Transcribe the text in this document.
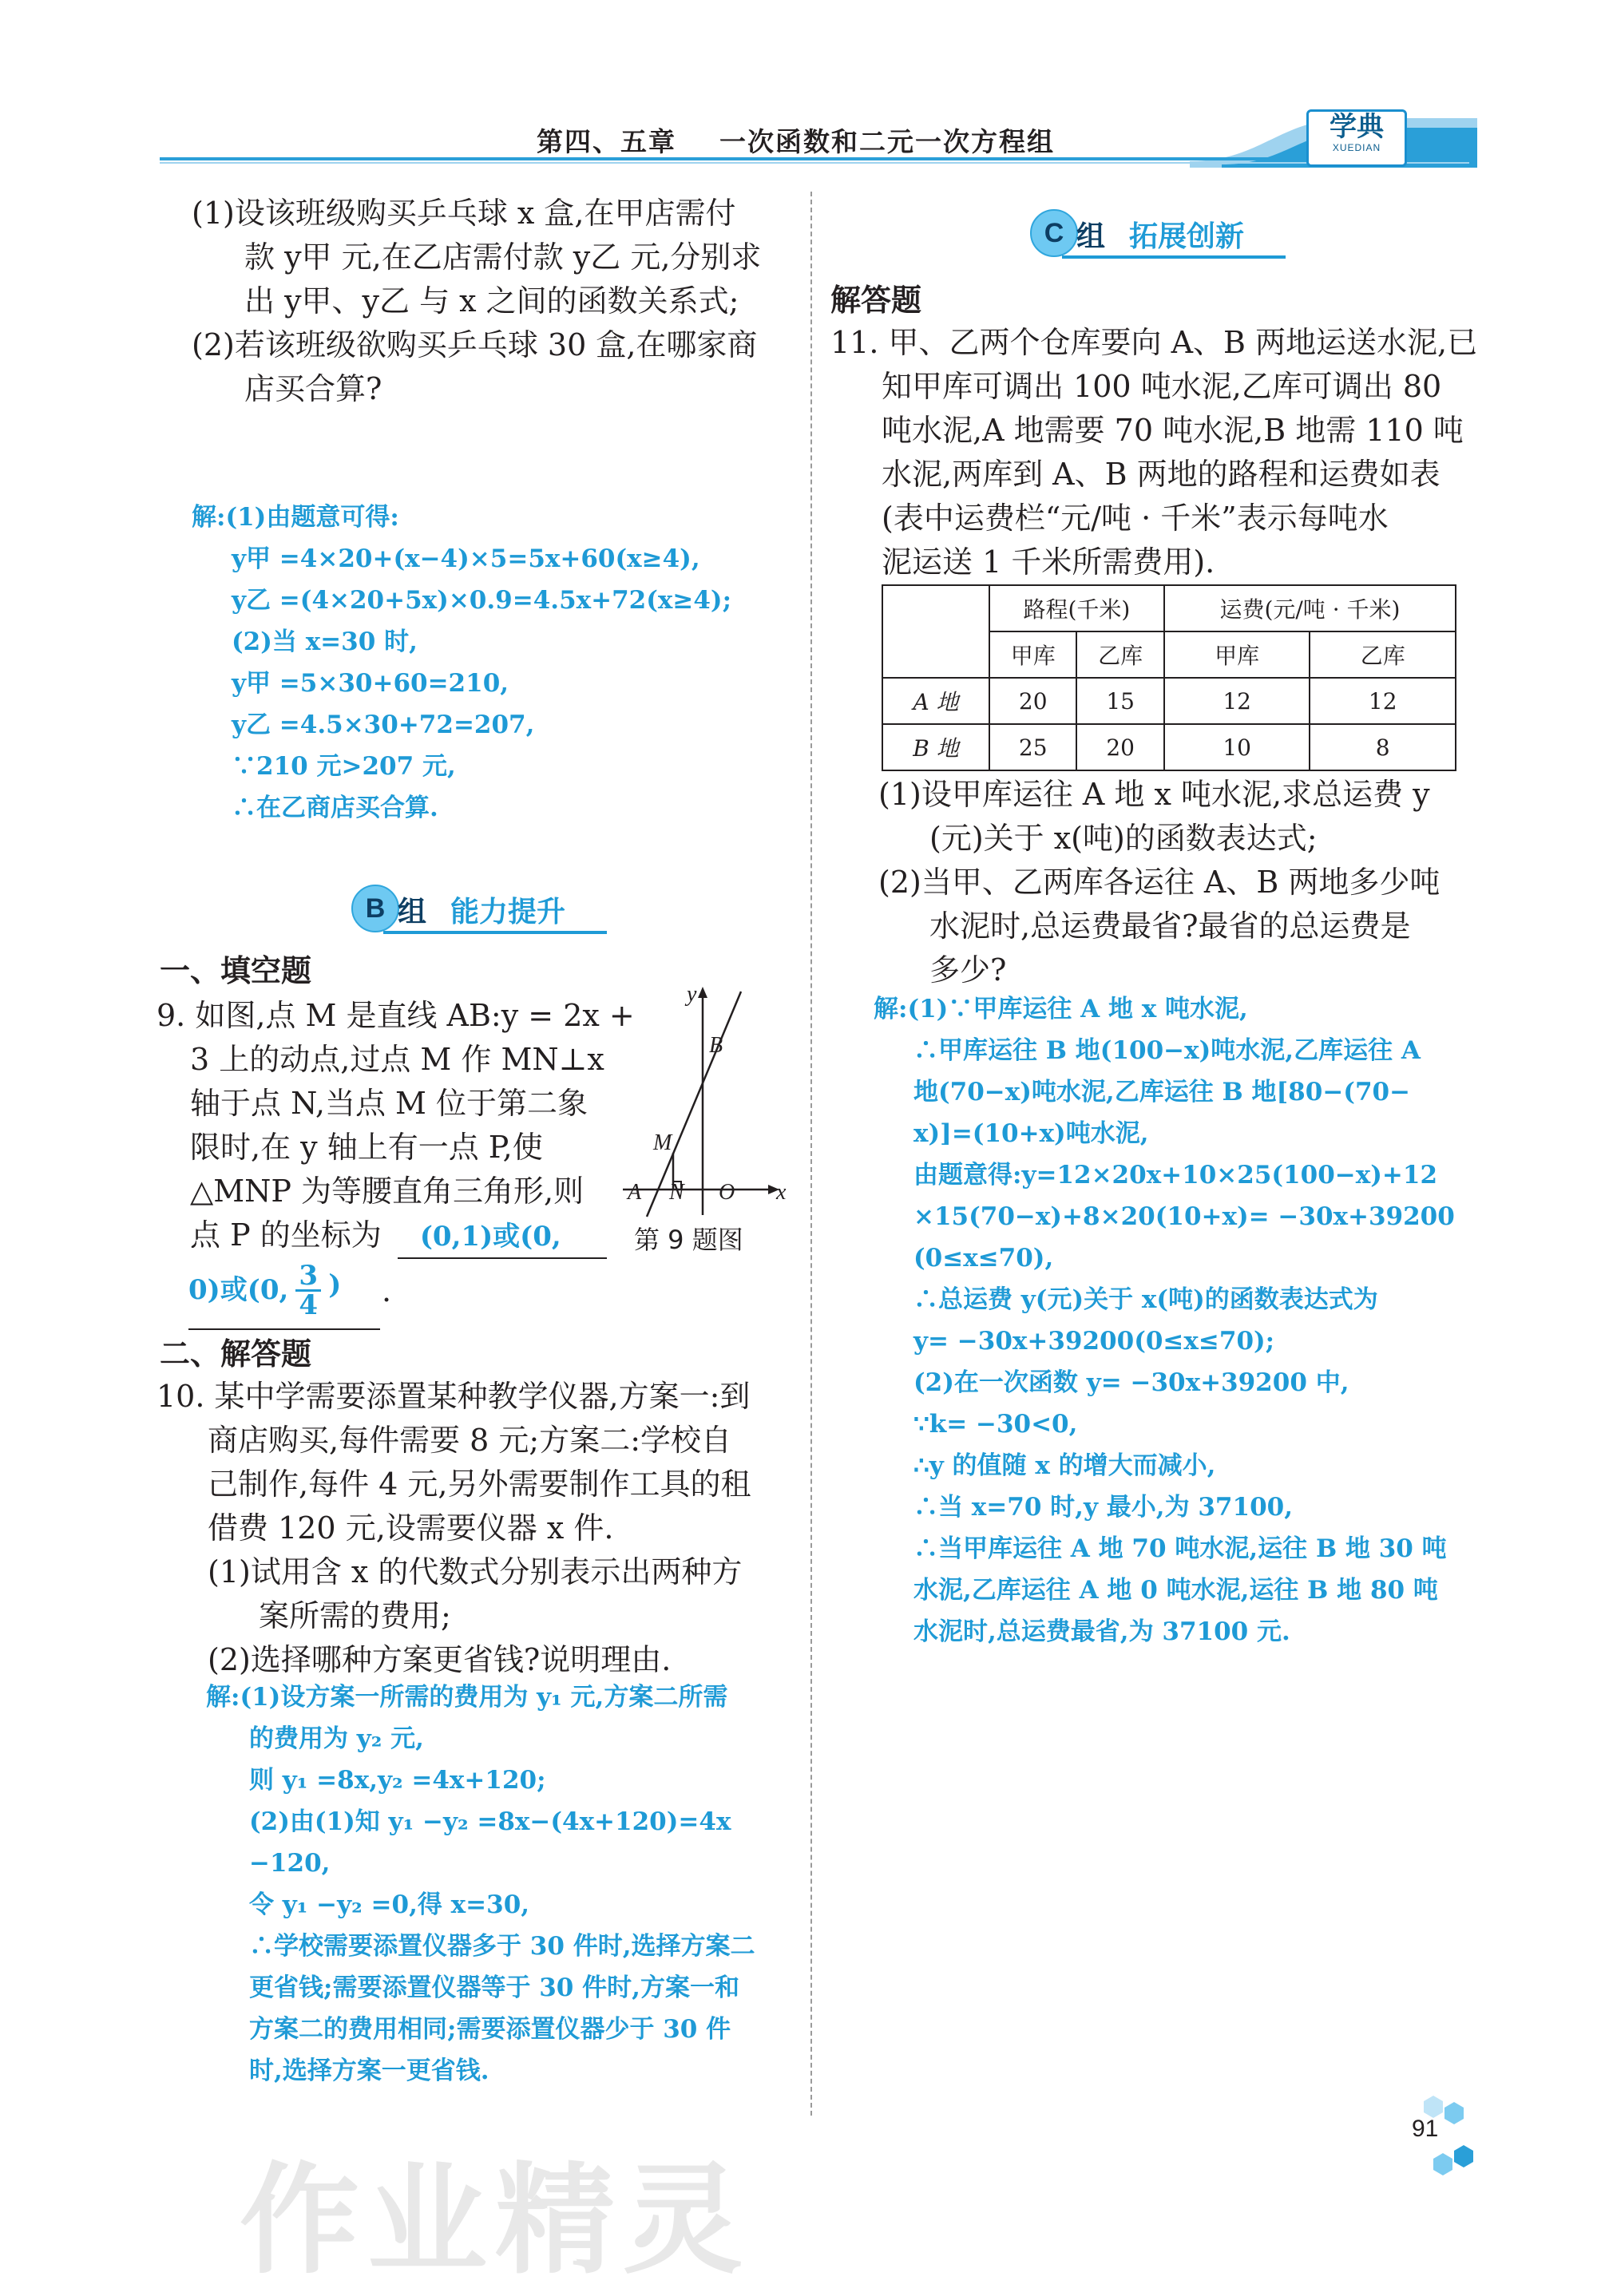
第四、五章    一次函数和二元一次方程组	学典
XUEDIAN
(1)设该班级购买乒乓球 x 盒,在甲店需付
款 y甲 元,在乙店需付款 y乙 元,分别求
出 y甲、y乙 与 x 之间的函数关系式;
(2)若该班级欲购买乒乓球 30 盒,在哪家商
店买合算?
解:(1)由题意可得:
y甲 =4×20+(x−4)×5=5x+60(x≥4),
y乙 =(4×20+5x)×0.9=4.5x+72(x≥4);
(2)当 x=30 时,
y甲 =5×30+60=210,
y乙 =4.5×30+72=207,
∵210 元>207 元,
∴在乙商店买合算.
B 组 能力提升
一、填空题
9. 如图,点 M 是直线 AB:y = 2x +
3 上的动点,过点 M 作 MN⊥x
轴于点 N,当点 M 位于第二象
限时,在 y 轴上有一点 P,使
△MNP 为等腰直角三角形,则
点 P 的坐标为 (0,1)或(0,
0)或(0, $\frac{3}{4}$ )	.
y
x
B
M
A N O
第 9 题图
二、解答题
10. 某中学需要添置某种教学仪器,方案一:到
商店购买,每件需要 8 元;方案二:学校自
己制作,每件 4 元,另外需要制作工具的租
借费 120 元,设需要仪器 x 件.
(1)试用含 x 的代数式分别表示出两种方
案所需的费用;
(2)选择哪种方案更省钱?说明理由.
解:(1)设方案一所需的费用为 y₁ 元,方案二所需
的费用为 y₂ 元,
则 y₁ =8x,y₂ =4x+120;
(2)由(1)知 y₁ −y₂ =8x−(4x+120)=4x
−120,
令 y₁ −y₂ =0,得 x=30,
∴学校需要添置仪器多于 30 件时,选择方案二
更省钱;需要添置仪器等于 30 件时,方案一和
方案二的费用相同;需要添置仪器少于 30 件
时,选择方案一更省钱.
C 组 拓展创新
解答题
11. 甲、乙两个仓库要向 A、B 两地运送水泥,已
知甲库可调出 100 吨水泥,乙库可调出 80
吨水泥,A 地需要 70 吨水泥,B 地需 110 吨
水泥,两库到 A、B 两地的路程和运费如表
(表中运费栏“元/吨 · 千米”表示每吨水
泥运送 1 千米所需费用).
	路程(千米)		运费(元/吨 · 千米)	
	甲库	乙库	甲库	乙库
A 地	20	15	12	12
B 地	25	20	10	8
(1)设甲库运往 A 地 x 吨水泥,求总运费 y
(元)关于 x(吨)的函数表达式;
(2)当甲、乙两库各运往 A、B 两地多少吨
水泥时,总运费最省?最省的总运费是
多少?
解:(1)∵甲库运往 A 地 x 吨水泥,
∴甲库运往 B 地(100−x)吨水泥,乙库运往 A
地(70−x)吨水泥,乙库运往 B 地[80−(70−
x)]=(10+x)吨水泥,
由题意得:y=12×20x+10×25(100−x)+12
×15(70−x)+8×20(10+x)= −30x+39200
(0≤x≤70),
∴总运费 y(元)关于 x(吨)的函数表达式为
y= −30x+39200(0≤x≤70);
(2)在一次函数 y= −30x+39200 中,
∵k= −30<0,
∴y 的值随 x 的增大而减小,
∴当 x=70 时,y 最小,为 37100,
∴当甲库运往 A 地 70 吨水泥,运往 B 地 30 吨
水泥,乙库运往 A 地 0 吨水泥,运往 B 地 80 吨
水泥时,总运费最省,为 37100 元.
作业精灵
91
